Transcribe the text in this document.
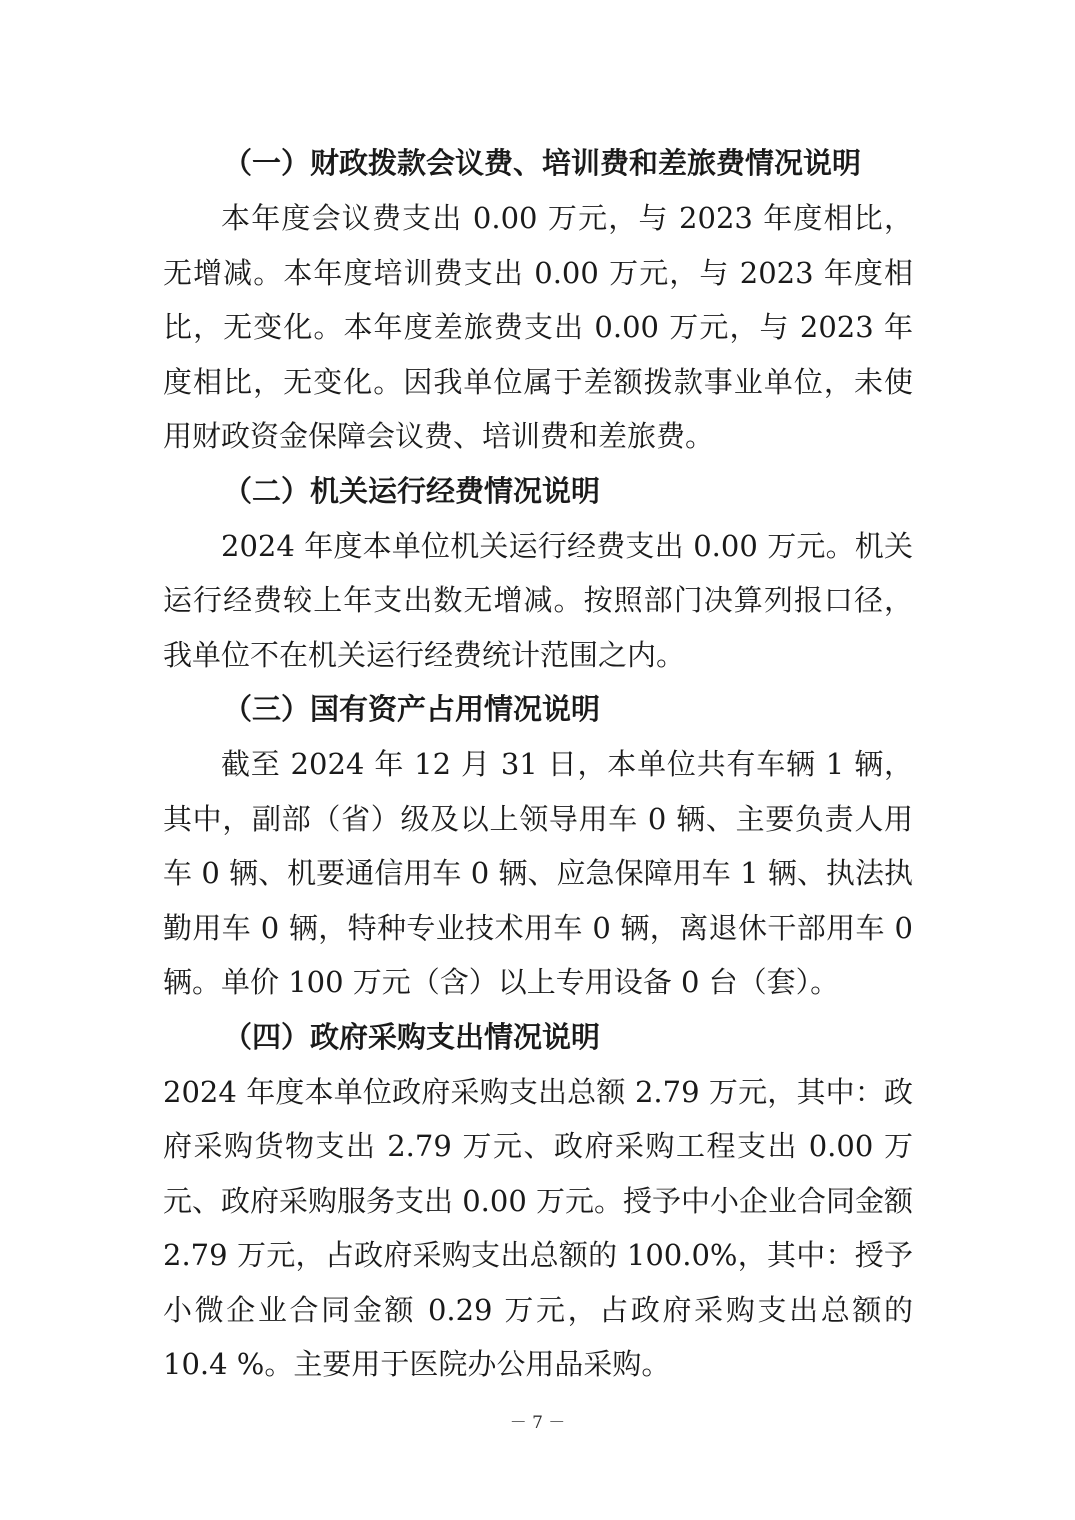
（一）财政拨款会议费、培训费和差旅费情况说明

本年度会议费支出 0.00 万元，与 2023 年度相比，无增减。本年度培训费支出 0.00 万元，与 2023 年度相比，无变化。本年度差旅费支出 0.00 万元，与 2023 年度相比，无变化。因我单位属于差额拨款事业单位，未使用财政资金保障会议费、培训费和差旅费。

（二）机关运行经费情况说明

2024 年度本单位机关运行经费支出 0.00 万元。机关运行经费较上年支出数无增减。按照部门决算列报口径，我单位不在机关运行经费统计范围之内。

（三）国有资产占用情况说明

截至 2024 年 12 月 31 日，本单位共有车辆 1 辆，其中，副部（省）级及以上领导用车 0 辆、主要负责人用车 0 辆、机要通信用车 0 辆、应急保障用车 1 辆、执法执勤用车 0 辆，特种专业技术用车 0 辆，离退休干部用车 0 辆。单价 100 万元（含）以上专用设备 0 台（套）。

（四）政府采购支出情况说明

2024 年度本单位政府采购支出总额 2.79 万元，其中：政府采购货物支出 2.79 万元、政府采购工程支出 0.00 万元、政府采购服务支出 0.00 万元。授予中小企业合同金额 2.79 万元，占政府采购支出总额的 100.0%，其中：授予小微企业合同金额 0.29 万元，占政府采购支出总额的 10.4 %。主要用于医院办公用品采购。

－ 7 －
